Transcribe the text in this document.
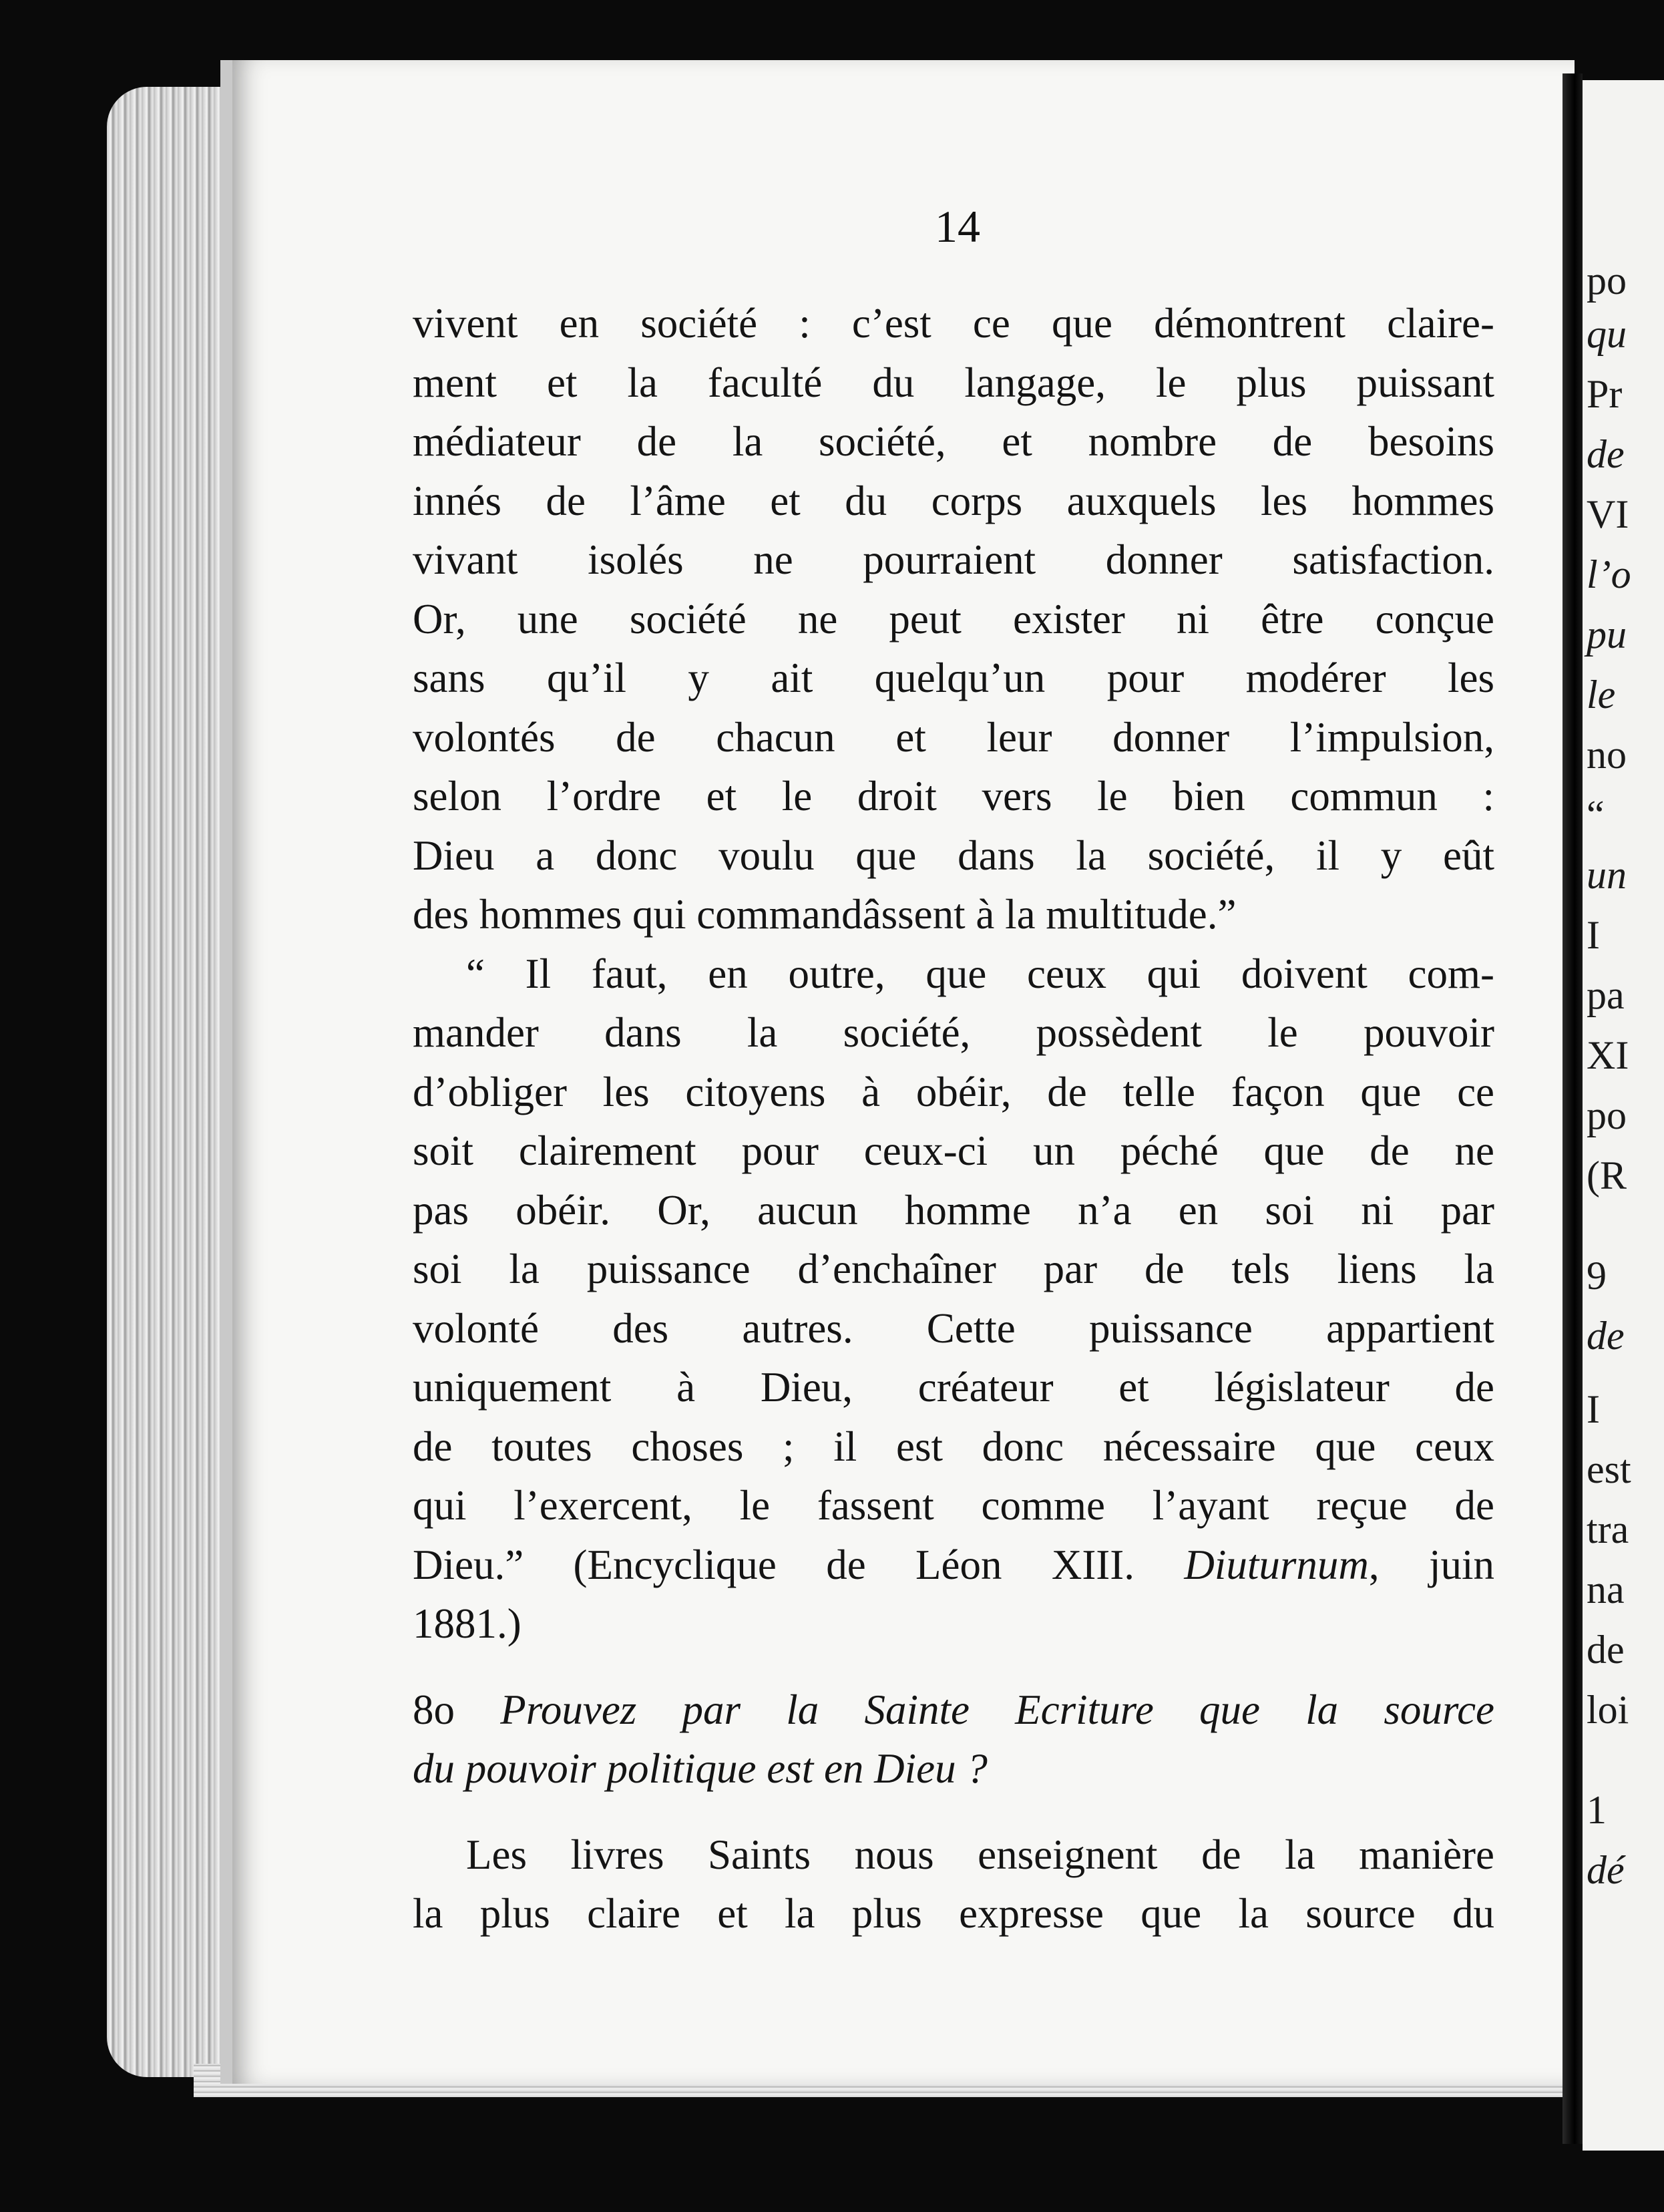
po
qu
Pr
de
VI
l’o
pu
le
no
“
un
I
pa
XI
po
(R
9
de
I
est
tra
na
de
loi
1
dé
14
vivent en société : c’est ce que démontrent claire-
ment et la faculté du langage, le plus puissant
médiateur de la société, et nombre de besoins
innés de l’âme et du corps auxquels les hommes
vivant isolés ne pourraient donner satisfaction.
Or, une société ne peut exister ni être conçue
sans qu’il y ait quelqu’un pour modérer les
volontés de chacun et leur donner l’impulsion,
selon l’ordre et le droit vers le bien commun :
Dieu a donc voulu que dans la société, il y eût
des hommes qui commandâssent à la multitude.”
“ Il faut, en outre, que ceux qui doivent com-
mander dans la société, possèdent le pouvoir
d’obliger les citoyens à obéir, de telle façon que ce
soit clairement pour ceux-ci un péché que de ne
pas obéir. Or, aucun homme n’a en soi ni par
soi la puissance d’enchaîner par de tels liens la
volonté des autres. Cette puissance appartient
uniquement à Dieu, créateur et législateur de
de toutes choses ; il est donc nécessaire que ceux
qui l’exercent, le fassent comme l’ayant reçue de
Dieu.” (Encyclique de Léon XIII. Diuturnum, juin
1881.)
8o Prouvez par la Sainte Ecriture que la source
du pouvoir politique est en Dieu ?
Les livres Saints nous enseignent de la manière
la plus claire et la plus expresse que la source du
